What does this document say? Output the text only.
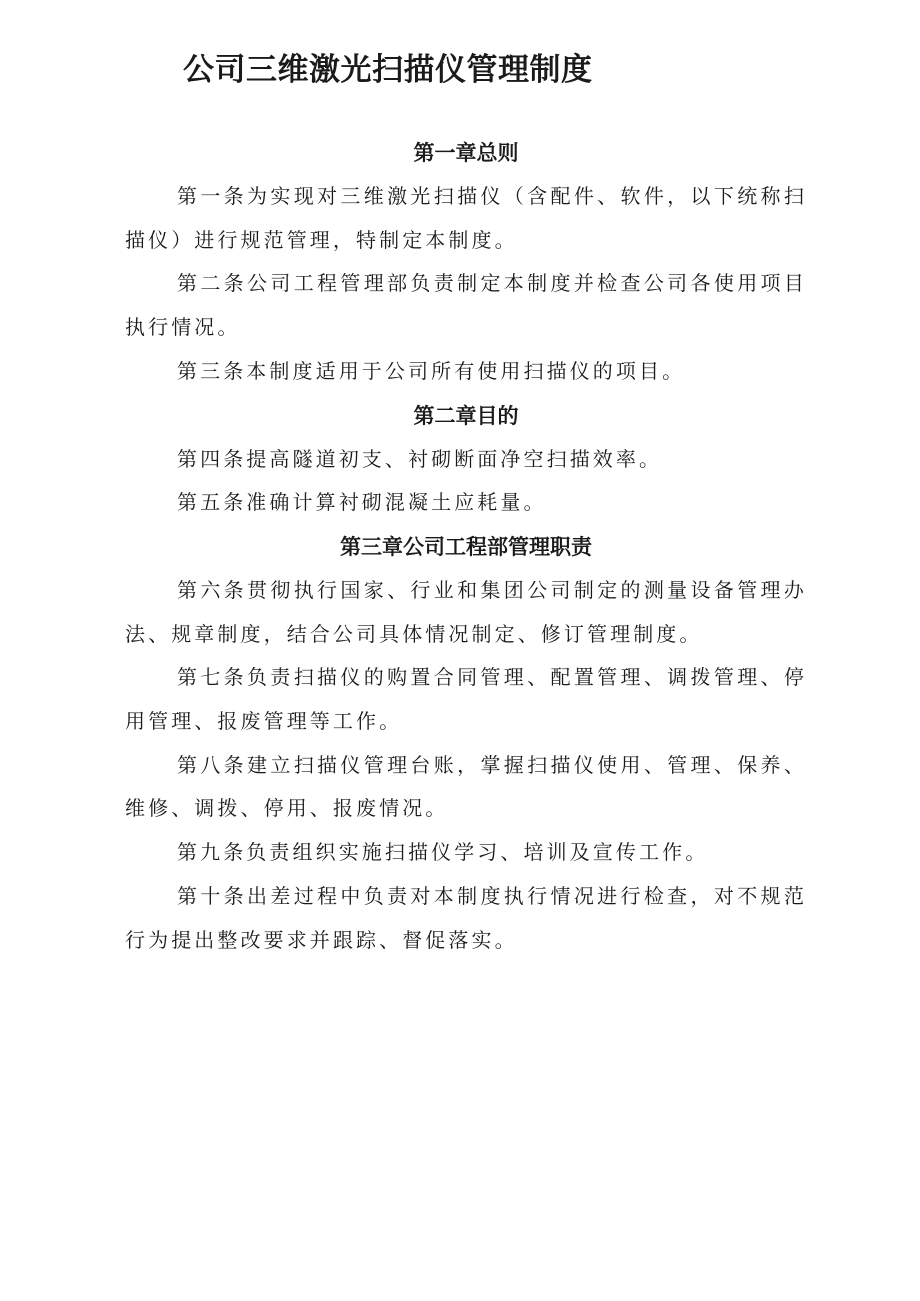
公司三维激光扫描仪管理制度
第一章总则

第一条为实现对三维激光扫描仪（含配件、软件，以下统称扫描仪）进行规范管理，特制定本制度。

第二条公司工程管理部负责制定本制度并检查公司各使用项目执行情况。

第三条本制度适用于公司所有使用扫描仪的项目。

第二章目的

第四条提高隧道初支、衬砌断面净空扫描效率。

第五条准确计算衬砌混凝土应耗量。

第三章公司工程部管理职责

第六条贯彻执行国家、行业和集团公司制定的测量设备管理办法、规章制度，结合公司具体情况制定、修订管理制度。

第七条负责扫描仪的购置合同管理、配置管理、调拨管理、停用管理、报废管理等工作。

第八条建立扫描仪管理台账，掌握扫描仪使用、管理、保养、维修、调拨、停用、报废情况。

第九条负责组织实施扫描仪学习、培训及宣传工作。

第十条出差过程中负责对本制度执行情况进行检查，对不规范行为提出整改要求并跟踪、督促落实。
